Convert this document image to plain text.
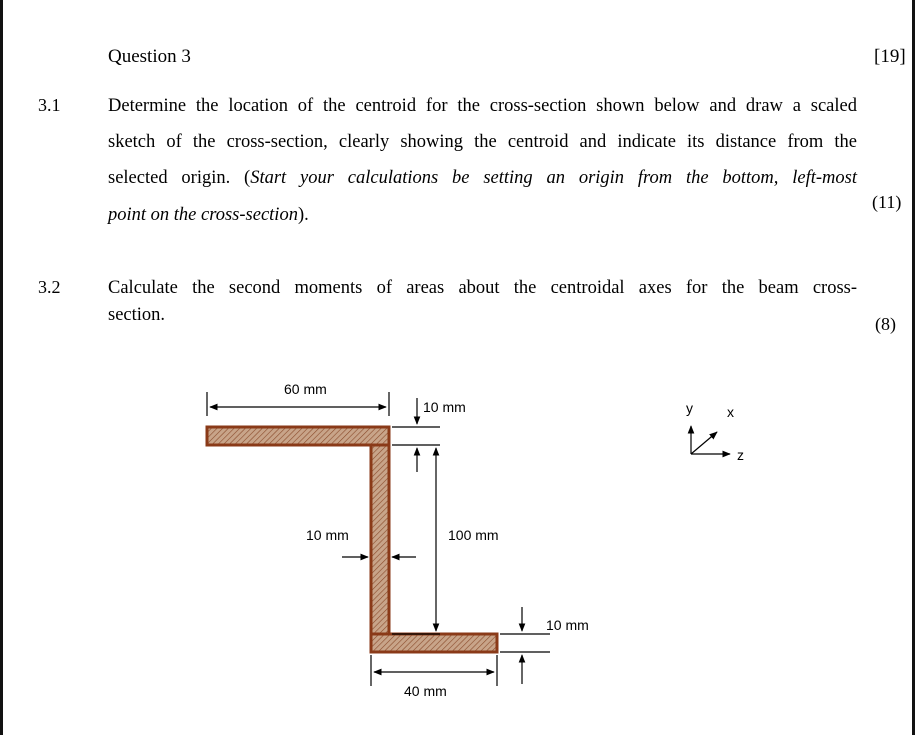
Question 3	[19]
3.1	Determine the location of the centroid for the cross-section shown below and draw a scaled
sketch of the cross-section, clearly showing the centroid and indicate its distance from the
selected origin. (Start your calculations be setting an origin from the bottom, left-most
point on the cross-section).
(11)
3.2	Calculate the second moments of areas about the centroidal axes for the beam cross-
section.	(8)
60 mm
10 mm
100 mm
10 mm
10 mm
40 mm
y x
z
